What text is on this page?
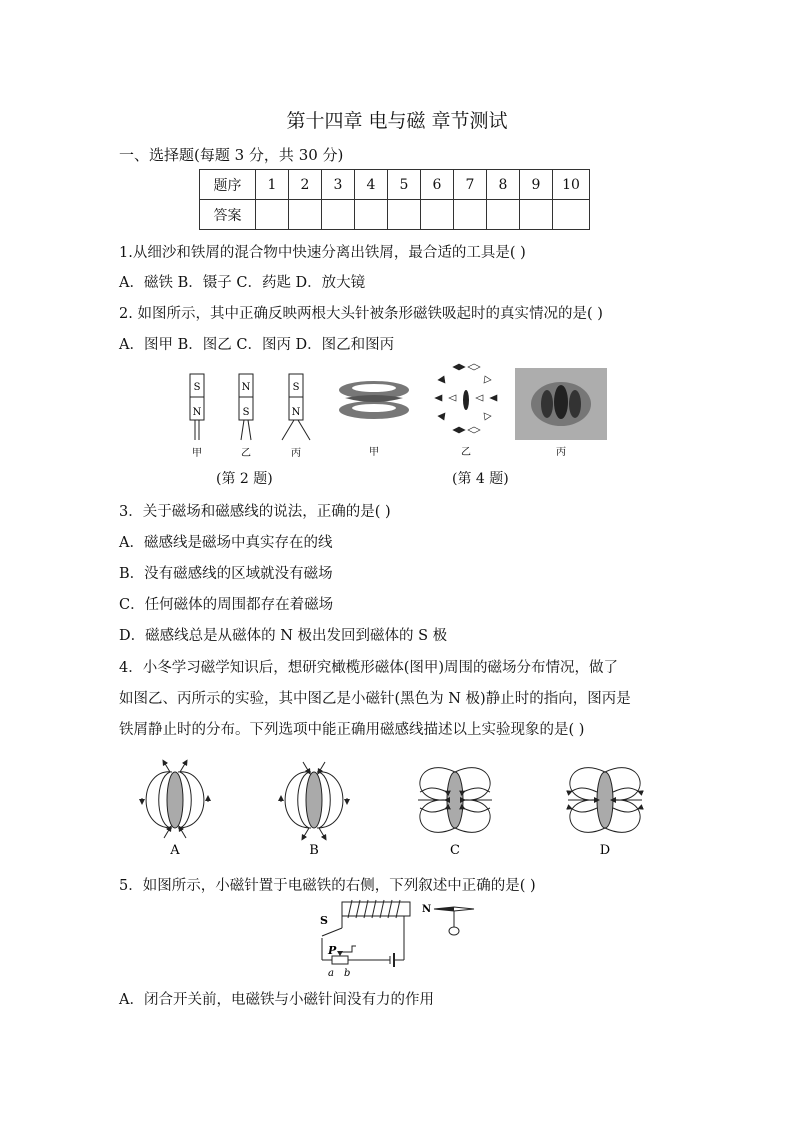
第十四章 电与磁 章节测试
一、选择题(每题 3 分，共 30 分)
题序	1	2	3	4	5	6	7	8	9	10
答案										
1.从细沙和铁屑的混合物中快速分离出铁屑，最合适的工具是( )
A．磁铁 B．镊子 C．药匙 D．放大镜
2. 如图所示，其中正确反映两根大头针被条形磁铁吸起时的真实情况的是( )
A．图甲 B．图乙 C．图丙 D．图乙和图丙
S
N
甲
N
S
乙
S
N
丙
(第 2 题)
甲	乙	丙
(第 4 题)
3．关于磁场和磁感线的说法，正确的是( )
A．磁感线是磁场中真实存在的线
B．没有磁感线的区域就没有磁场
C．任何磁体的周围都存在着磁场
D．磁感线总是从磁体的 N 极出发回到磁体的 S 极
4．小冬学习磁学知识后，想研究橄榄形磁体(图甲)周围的磁场分布情况，做了
如图乙、丙所示的实验，其中图乙是小磁针(黑色为 N 极)静止时的指向，图丙是
铁屑静止时的分布。下列选项中能正确用磁感线描述以上实验现象的是( )
A	B	C	D
5．如图所示，小磁针置于电磁铁的右侧，下列叙述中正确的是( )
S
P
a b
N
A．闭合开关前，电磁铁与小磁针间没有力的作用
